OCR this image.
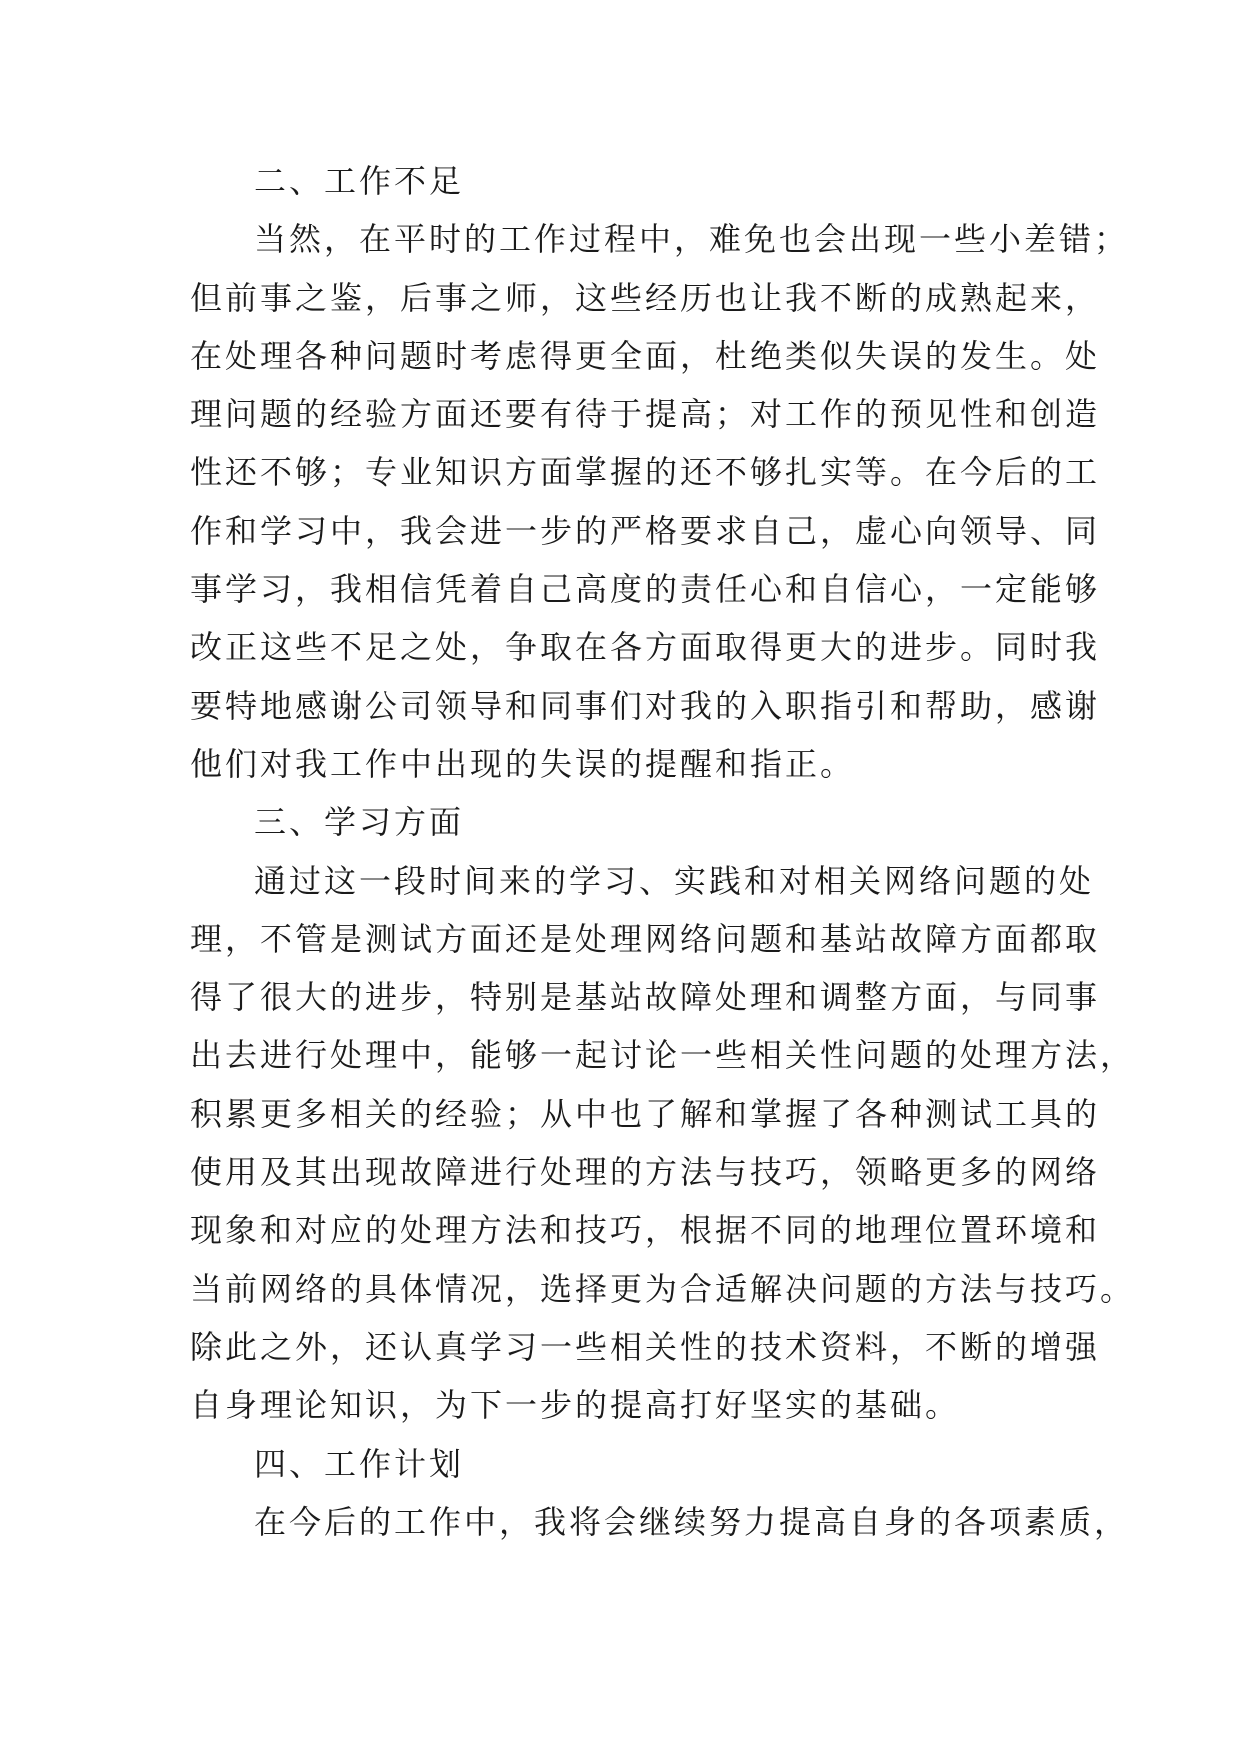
二、工作不足
当然，在平时的工作过程中，难免也会出现一些小差错；
但前事之鉴，后事之师，这些经历也让我不断的成熟起来，
在处理各种问题时考虑得更全面，杜绝类似失误的发生。处
理问题的经验方面还要有待于提高；对工作的预见性和创造
性还不够；专业知识方面掌握的还不够扎实等。在今后的工
作和学习中，我会进一步的严格要求自己，虚心向领导、同
事学习，我相信凭着自己高度的责任心和自信心，一定能够
改正这些不足之处，争取在各方面取得更大的进步。同时我
要特地感谢公司领导和同事们对我的入职指引和帮助，感谢
他们对我工作中出现的失误的提醒和指正。
三、学习方面
通过这一段时间来的学习、实践和对相关网络问题的处
理，不管是测试方面还是处理网络问题和基站故障方面都取
得了很大的进步，特别是基站故障处理和调整方面，与同事
出去进行处理中，能够一起讨论一些相关性问题的处理方法，
积累更多相关的经验；从中也了解和掌握了各种测试工具的
使用及其出现故障进行处理的方法与技巧，领略更多的网络
现象和对应的处理方法和技巧，根据不同的地理位置环境和
当前网络的具体情况，选择更为合适解决问题的方法与技巧。
除此之外，还认真学习一些相关性的技术资料，不断的增强
自身理论知识，为下一步的提高打好坚实的基础。
四、工作计划
在今后的工作中，我将会继续努力提高自身的各项素质，
